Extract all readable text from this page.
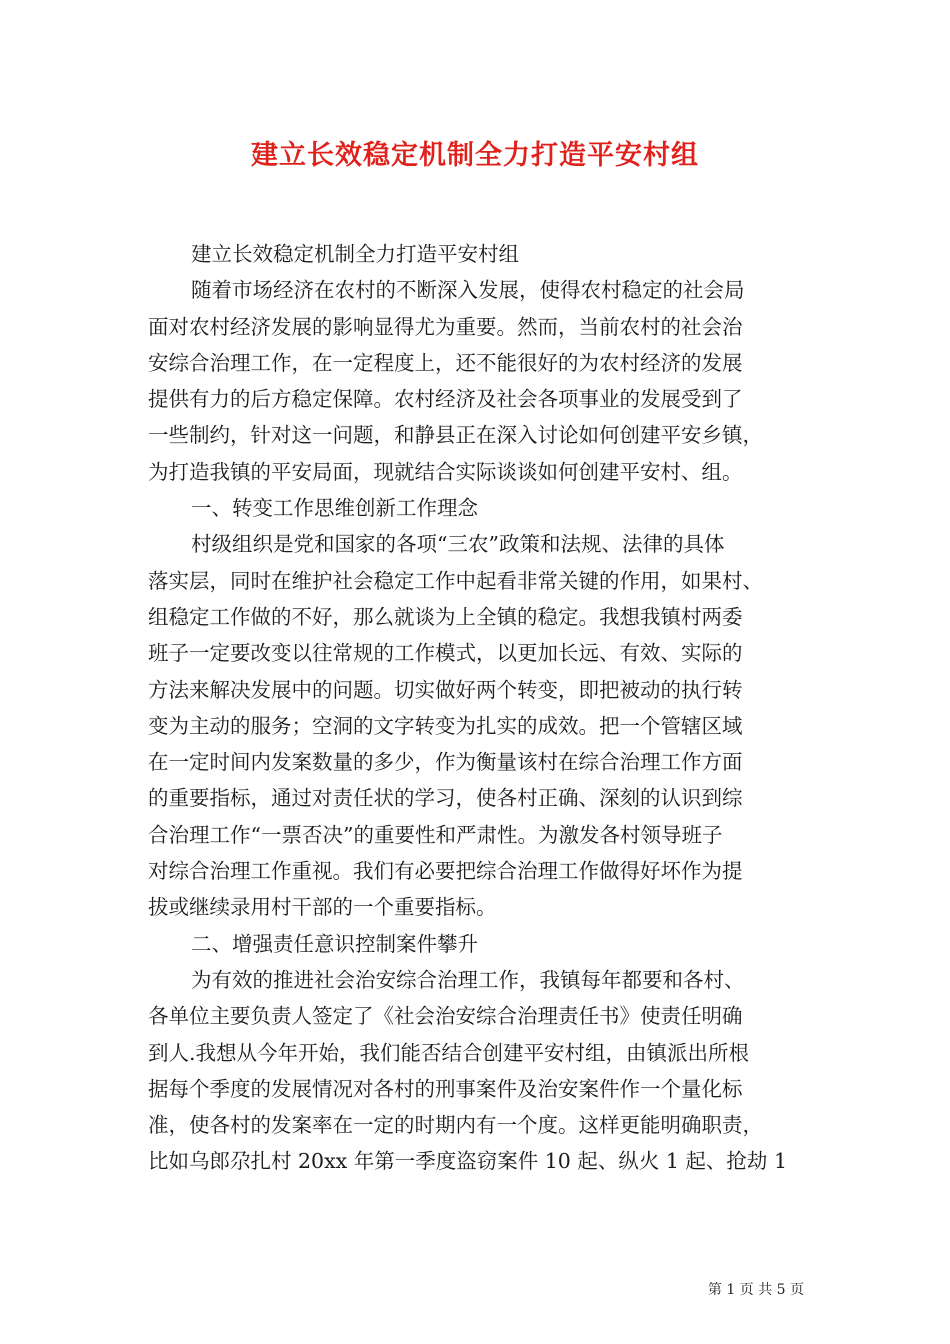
建立长效稳定机制全力打造平安村组
建立长效稳定机制全力打造平安村组
随着市场经济在农村的不断深入发展，使得农村稳定的社会局
面对农村经济发展的影响显得尤为重要。然而，当前农村的社会治
安综合治理工作，在一定程度上，还不能很好的为农村经济的发展
提供有力的后方稳定保障。农村经济及社会各项事业的发展受到了
一些制约，针对这一问题，和静县正在深入讨论如何创建平安乡镇，
为打造我镇的平安局面，现就结合实际谈谈如何创建平安村、组。
一、转变工作思维创新工作理念
村级组织是党和国家的各项“三农”政策和法规、法律的具体
落实层，同时在维护社会稳定工作中起看非常关键的作用，如果村、
组稳定工作做的不好，那么就谈为上全镇的稳定。我想我镇村两委
班子一定要改变以往常规的工作模式，以更加长远、有效、实际的
方法来解决发展中的问题。切实做好两个转变，即把被动的执行转
变为主动的服务；空洞的文字转变为扎实的成效。把一个管辖区域
在一定时间内发案数量的多少，作为衡量该村在综合治理工作方面
的重要指标，通过对责任状的学习，使各村正确、深刻的认识到综
合治理工作“一票否决”的重要性和严肃性。为激发各村领导班子
对综合治理工作重视。我们有必要把综合治理工作做得好坏作为提
拔或继续录用村干部的一个重要指标。
二、增强责任意识控制案件攀升
为有效的推进社会治安综合治理工作，我镇每年都要和各村、
各单位主要负责人签定了《社会治安综合治理责任书》使责任明确
到人.我想从今年开始，我们能否结合创建平安村组，由镇派出所根
据每个季度的发展情况对各村的刑事案件及治安案件作一个量化标
准，使各村的发案率在一定的时期内有一个度。这样更能明确职责，
比如乌郎尕扎村 20xx 年第一季度盗窃案件 10 起、纵火 1 起、抢劫 1
第 1 页 共 5 页
